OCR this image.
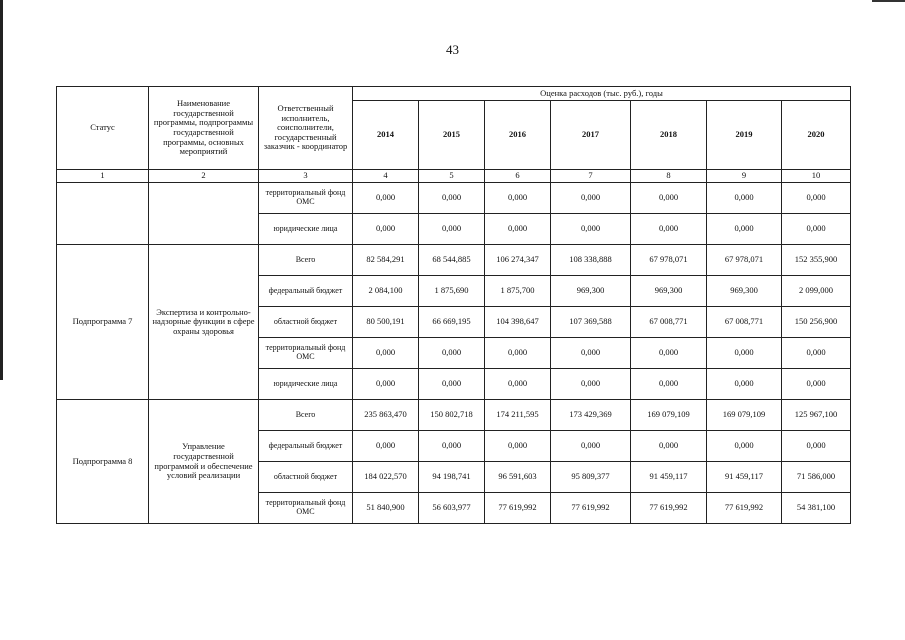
43
Статус	Наименование государственной программы, подпрограммы государственной программы, основных мероприятий	Ответственный исполнитель, соисполнители, государственный заказчик - координатор	Оценка расходов (тыс. руб.), годы						
			2014	2015	2016	2017	2018	2019	2020
1	2	3	4	5	6	7	8	9	10
		территориальный фонд ОМС	0,000	0,000	0,000	0,000	0,000	0,000	0,000
		юридические лица	0,000	0,000	0,000	0,000	0,000	0,000	0,000
Подпрограмма 7	Экспертиза и контрольно-надзорные функции в сфере охраны здоровья	Всего	82 584,291	68 544,885	106 274,347	108 338,888	67 978,071	67 978,071	152 355,900
		федеральный бюджет	2 084,100	1 875,690	1 875,700	969,300	969,300	969,300	2 099,000
		областной бюджет	80 500,191	66 669,195	104 398,647	107 369,588	67 008,771	67 008,771	150 256,900
		территориальный фонд ОМС	0,000	0,000	0,000	0,000	0,000	0,000	0,000
		юридические лица	0,000	0,000	0,000	0,000	0,000	0,000	0,000
Подпрограмма 8	Управление государственной программой и обеспечение условий реализации	Всего	235 863,470	150 802,718	174 211,595	173 429,369	169 079,109	169 079,109	125 967,100
		федеральный бюджет	0,000	0,000	0,000	0,000	0,000	0,000	0,000
		областной бюджет	184 022,570	94 198,741	96 591,603	95 809,377	91 459,117	91 459,117	71 586,000
		территориальный фонд ОМС	51 840,900	56 603,977	77 619,992	77 619,992	77 619,992	77 619,992	54 381,100
